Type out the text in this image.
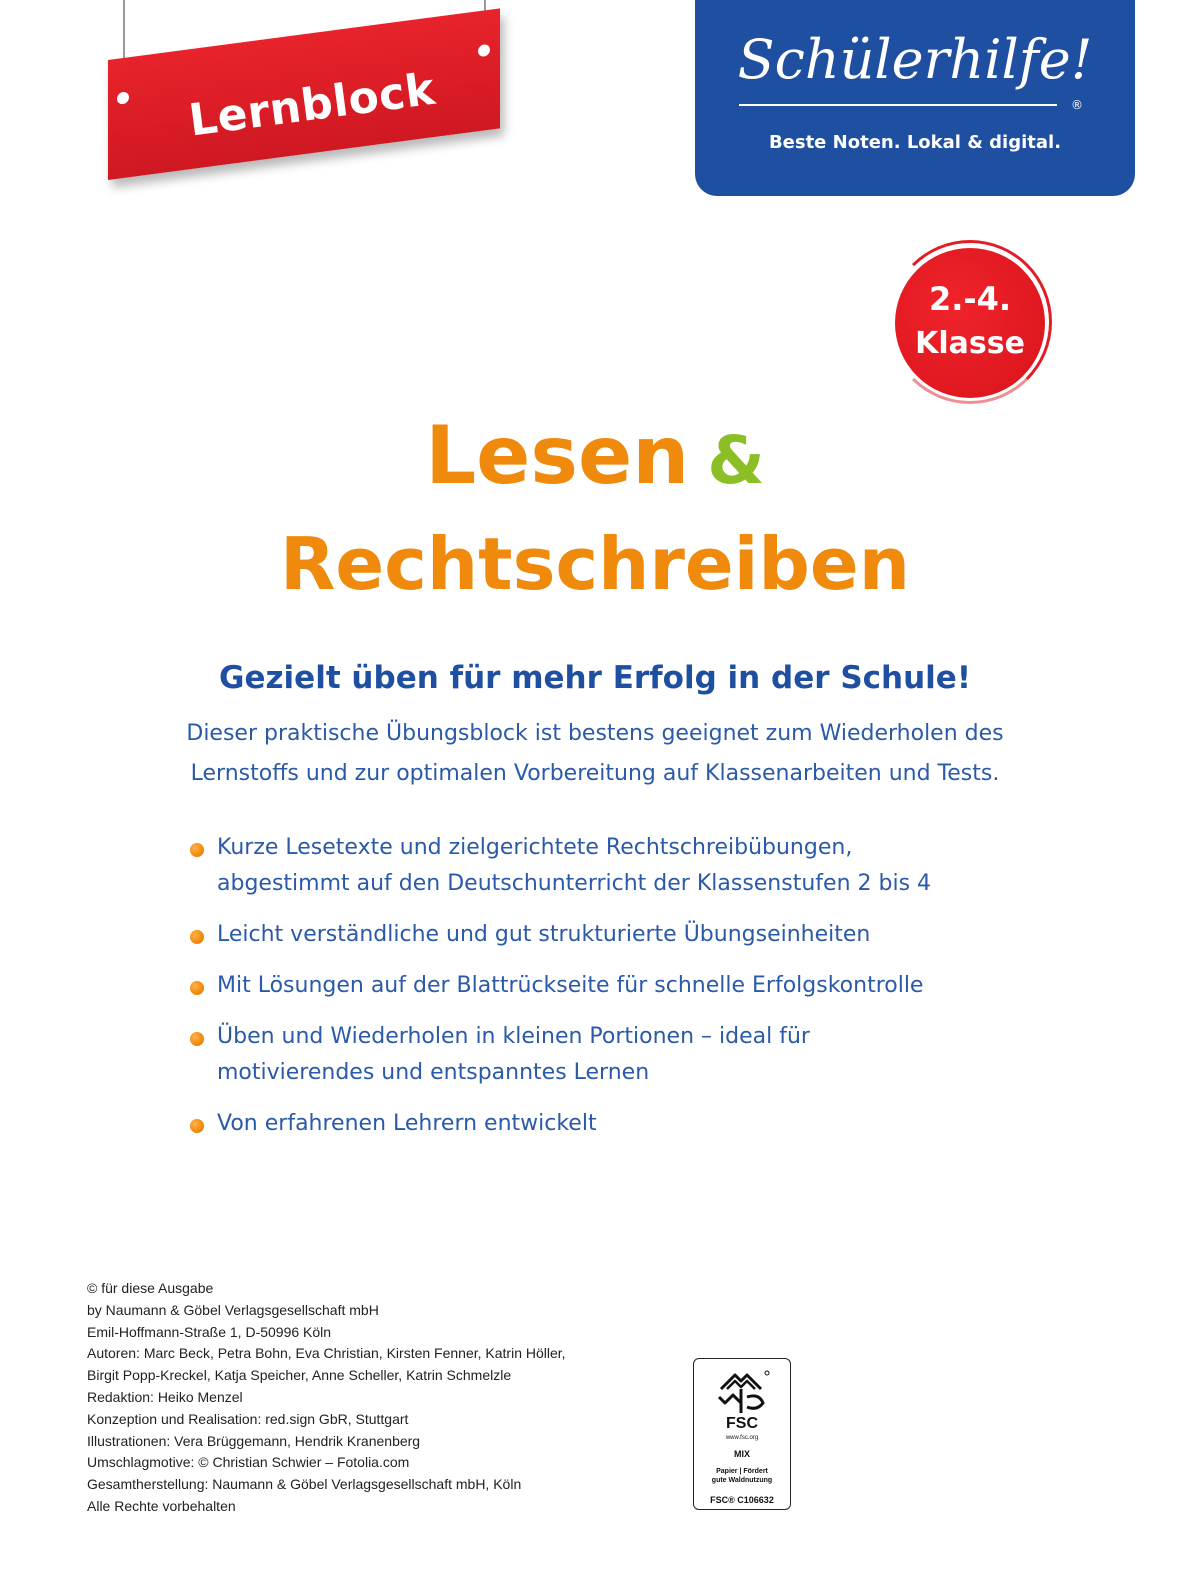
Lernblock
Schülerhilfe!
®
Beste Noten. Lokal & digital.
2.-4.
Klasse
Lesen &
Rechtschreiben
Gezielt üben für mehr Erfolg in der Schule!
Dieser praktische Übungsblock ist bestens geeignet zum Wiederholen des
Lernstoffs und zur optimalen Vorbereitung auf Klassenarbeiten und Tests.
Kurze Lesetexte und zielgerichtete Rechtschreibübungen,
abgestimmt auf den Deutschunterricht der Klassenstufen 2 bis 4
Leicht verständliche und gut strukturierte Übungseinheiten
Mit Lösungen auf der Blattrückseite für schnelle Erfolgskontrolle
Üben und Wiederholen in kleinen Portionen – ideal für
motivierendes und entspanntes Lernen
Von erfahrenen Lehrern entwickelt
© für diese Ausgabe
by Naumann & Göbel Verlagsgesellschaft mbH
Emil-Hoffmann-Straße 1, D-50996 Köln
Autoren: Marc Beck, Petra Bohn, Eva Christian, Kirsten Fenner, Katrin Höller,
Birgit Popp-Kreckel, Katja Speicher, Anne Scheller, Katrin Schmelzle
Redaktion: Heiko Menzel
Konzeption und Realisation: red.sign GbR, Stuttgart
Illustrationen: Vera Brüggemann, Hendrik Kranenberg
Umschlagmotive: © Christian Schwier – Fotolia.com
Gesamtherstellung: Naumann & Göbel Verlagsgesellschaft mbH, Köln
Alle Rechte vorbehalten
FSC
www.fsc.org
MIX
Papier | Fördert
gute Waldnutzung
FSC® C106632
